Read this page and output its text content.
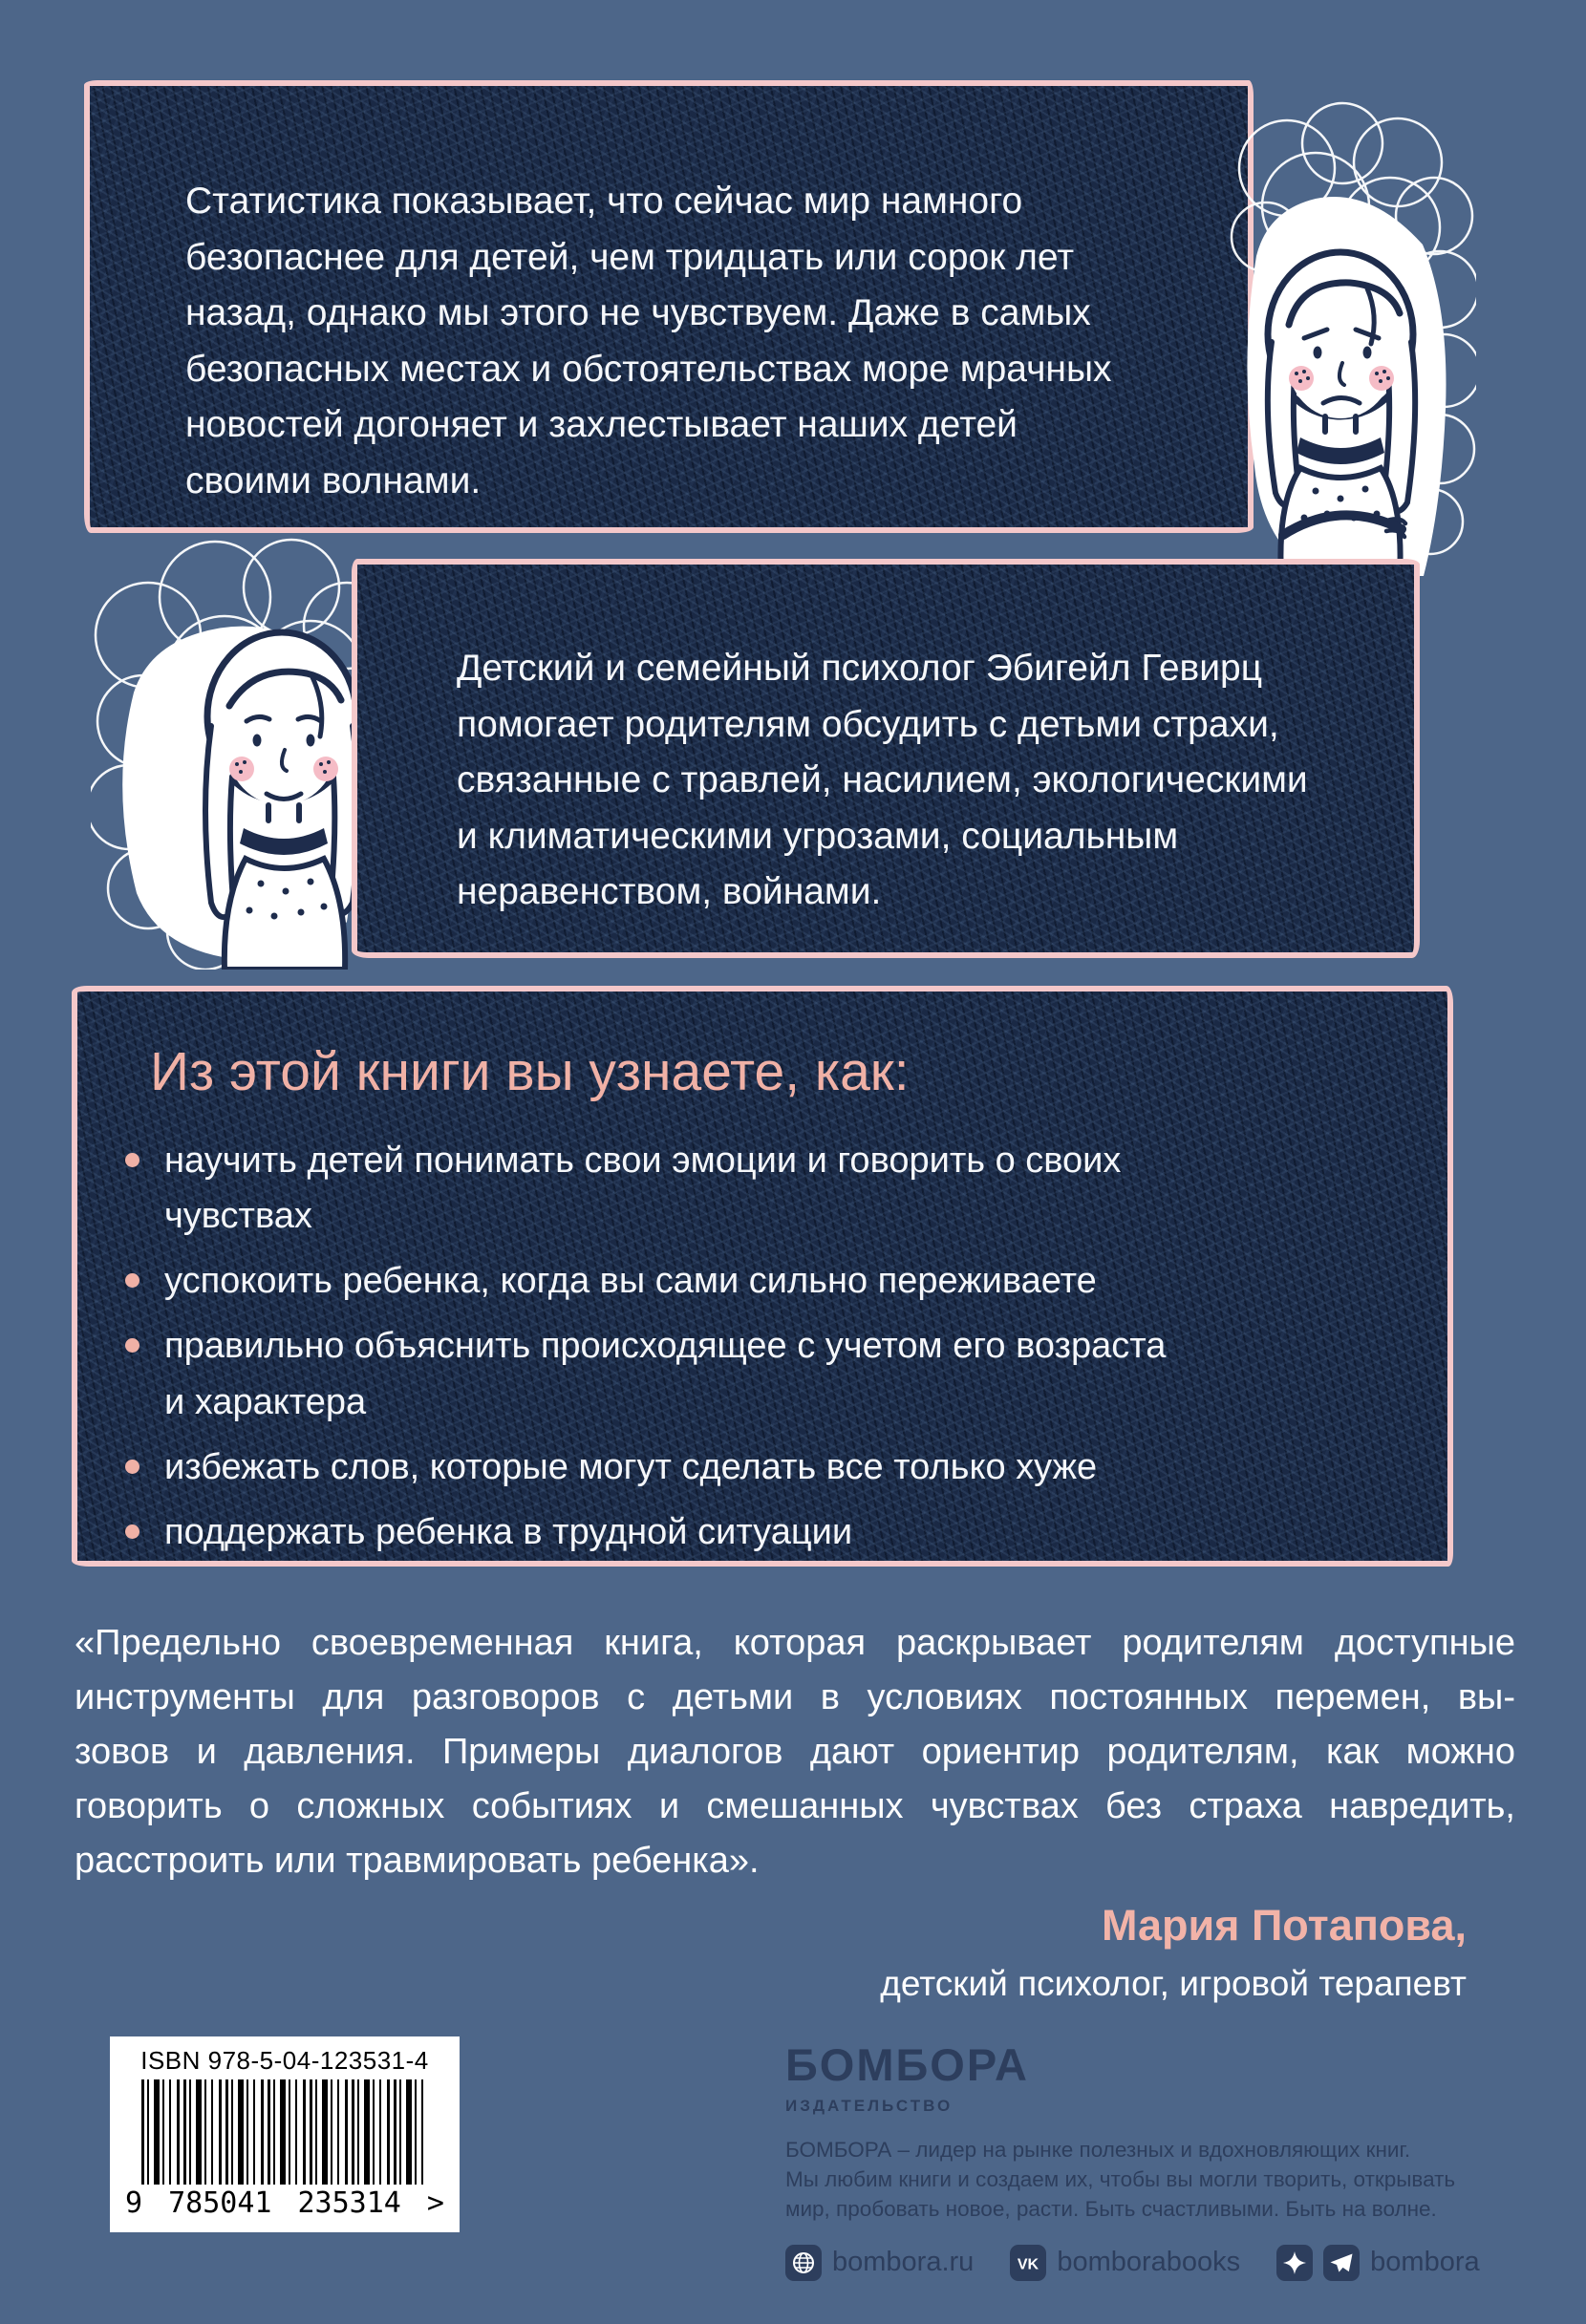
Статистика показывает, что сейчас мир намного
безопаснее для детей, чем тридцать или сорок лет
назад, однако мы этого не чувствуем. Даже в самых
безопасных местах и обстоятельствах море мрачных
новостей догоняет и захлестывает наших детей
своими волнами.
Детский и семейный психолог Эбигейл Гевирц
помогает родителям обсудить с детьми страхи,
связанные с травлей, насилием, экологическими
и климатическими угрозами, социальным
неравенством, войнами.
Из этой книги вы узнаете, как:
научить детей понимать свои эмоции и говорить о своих
чувствах
успокоить ребенка, когда вы сами сильно переживаете
правильно объяснить происходящее с учетом его возраста
и характера
избежать слов, которые могут сделать все только хуже
поддержать ребенка в трудной ситуации
«Предельно своевременная книга, которая раскрывает родителям доступные
инструменты для разговоров с детьми в условиях постоянных перемен, вы-
зовов и давления. Примеры диалогов дают ориентир родителям, как можно
говорить о сложных событиях и смешанных чувствах без страха навредить,
расстроить или травмировать ребенка».
Мария Потапова,
детский психолог, игровой терапевт
ISBN 978-5-04-123531-4
9 785041 235314 >
БОМБОРА
ИЗДАТЕЛЬСТВО
БОМБОРА – лидер на рынке полезных и вдохновляющих книг.
Мы любим книги и создаем их, чтобы вы могли творить, открывать
мир, пробовать новое, расти. Быть счастливыми. Быть на волне.
bombora.ru	VK bomborabooks	bombora
